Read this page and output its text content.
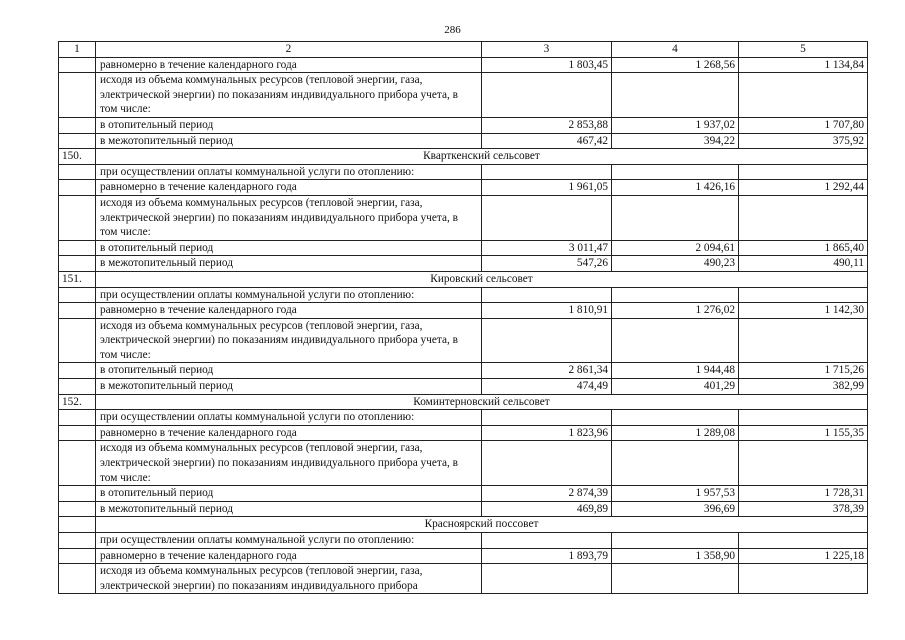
286
1	2	3	4	5
	равномерно в течение календарного года	1 803,45	1 268,56	1 134,84
	исходя из объема коммунальных ресурсов (тепловой энергии, газа, электрической энергии) по показаниям индивидуального прибора учета, в том числе:			
	в отопительный период	2 853,88	1 937,02	1 707,80
	в межотопительный период	467,42	394,22	375,92
150.	Кварткенский сельсовет			
	при осуществлении оплаты коммунальной услуги по отоплению:			
	равномерно в течение календарного года	1 961,05	1 426,16	1 292,44
	исходя из объема коммунальных ресурсов (тепловой энергии, газа, электрической энергии) по показаниям индивидуального прибора учета, в том числе:			
	в отопительный период	3 011,47	2 094,61	1 865,40
	в межотопительный период	547,26	490,23	490,11
151.	Кировский сельсовет			
	при осуществлении оплаты коммунальной услуги по отоплению:			
	равномерно в течение календарного года	1 810,91	1 276,02	1 142,30
	исходя из объема коммунальных ресурсов (тепловой энергии, газа, электрической энергии) по показаниям индивидуального прибора учета, в том числе:			
	в отопительный период	2 861,34	1 944,48	1 715,26
	в межотопительный период	474,49	401,29	382,99
152.	Коминтерновский сельсовет			
	при осуществлении оплаты коммунальной услуги по отоплению:			
	равномерно в течение календарного года	1 823,96	1 289,08	1 155,35
	исходя из объема коммунальных ресурсов (тепловой энергии, газа, электрической энергии) по показаниям индивидуального прибора учета, в том числе:			
	в отопительный период	2 874,39	1 957,53	1 728,31
	в межотопительный период	469,89	396,69	378,39
	Красноярский поссовет			
	при осуществлении оплаты коммунальной услуги по отоплению:			
	равномерно в течение календарного года	1 893,79	1 358,90	1 225,18
	исходя из объема коммунальных ресурсов (тепловой энергии, газа, электрической энергии) по показаниям индивидуального прибора			
